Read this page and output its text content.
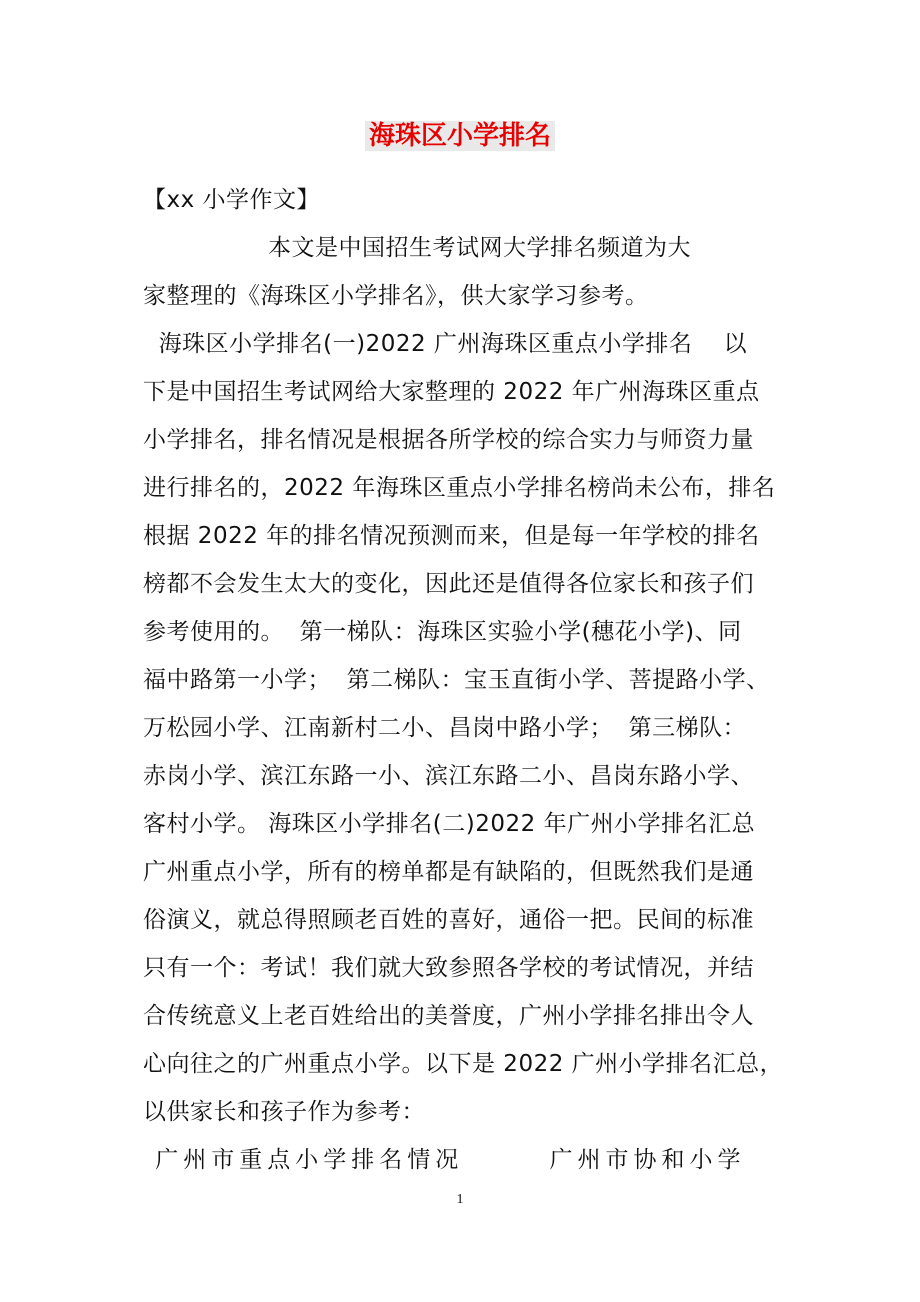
海珠区小学排名
【xx 小学作文】
本文是中国招生考试网大学排名频道为大
家整理的《海珠区小学排名》，供大家学习参考。
海珠区小学排名(一)2022 广州海珠区重点小学排名    以
下是中国招生考试网给大家整理的 2022 年广州海珠区重点
小学排名，排名情况是根据各所学校的综合实力与师资力量
进行排名的，2022 年海珠区重点小学排名榜尚未公布，排名
根据 2022 年的排名情况预测而来，但是每一年学校的排名
榜都不会发生太大的变化，因此还是值得各位家长和孩子们
参考使用的。  第一梯队：海珠区实验小学(穗花小学)、同
福中路第一小学；  第二梯队：宝玉直街小学、菩提路小学、
万松园小学、江南新村二小、昌岗中路小学；  第三梯队：
赤岗小学、滨江东路一小、滨江东路二小、昌岗东路小学、
客村小学。 海珠区小学排名(二)2022 年广州小学排名汇总
广州重点小学，所有的榜单都是有缺陷的，但既然我们是通
俗演义，就总得照顾老百姓的喜好，通俗一把。民间的标准
只有一个：考试！我们就大致参照各学校的考试情况，并结
合传统意义上老百姓给出的美誉度，广州小学排名排出令人
心向往之的广州重点小学。以下是 2022 广州小学排名汇总，
以供家长和孩子作为参考：
广州市重点小学排名情况       广州市协和小学
1
